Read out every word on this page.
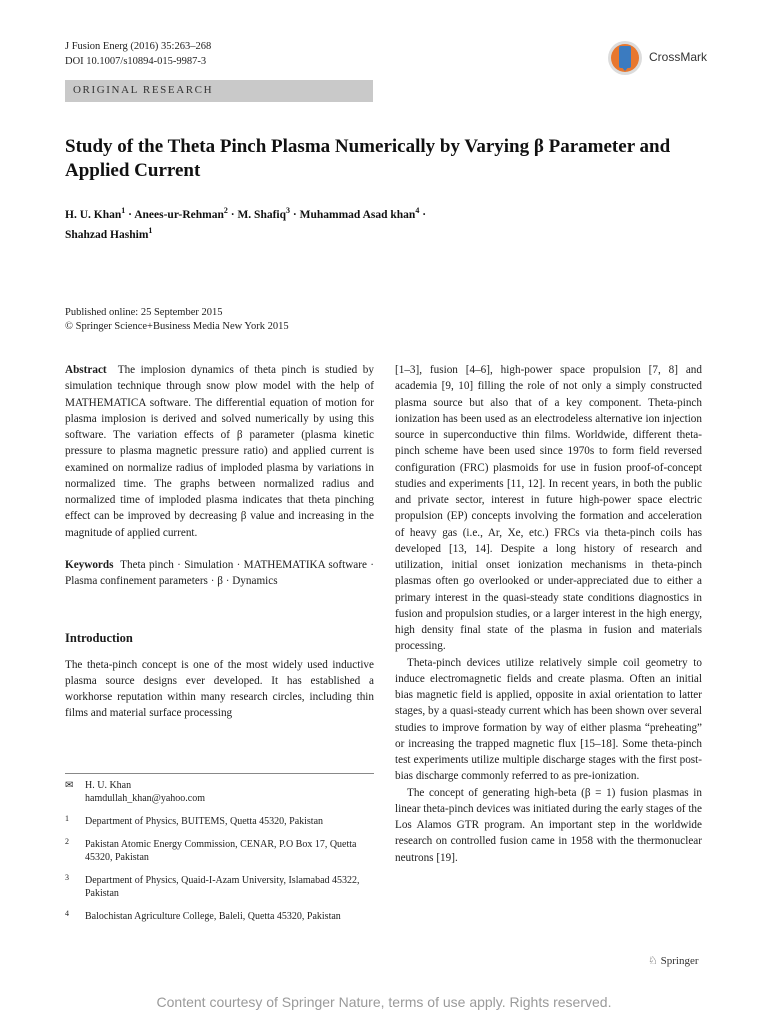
J Fusion Energ (2016) 35:263–268
DOI 10.1007/s10894-015-9987-3	CrossMark
ORIGINAL RESEARCH
Study of the Theta Pinch Plasma Numerically by Varying β Parameter and Applied Current
H. U. Khan$^1$ · Anees-ur-Rehman$^2$ · M. Shafiq$^3$ · Muhammad Asad khan$^4$ ·
Shahzad Hashim$^1$
Published online: 25 September 2015
© Springer Science+Business Media New York 2015
Abstract The implosion dynamics of theta pinch is studied by simulation technique through snow plow model with the help of MATHEMATICA software. The differential equation of motion for plasma implosion is derived and solved numerically by using this software. The variation effects of β parameter (plasma kinetic pressure to plasma magnetic pressure ratio) and applied current is examined on normalize radius of imploded plasma by variations in normalized time. The graphs between normalized radius and normalized time of imploded plasma indicates that theta pinching effect can be improved by decreasing β value and increasing in the magnitude of applied current.
Keywords Theta pinch · Simulation · MATHEMATIKA software · Plasma confinement parameters · β · Dynamics
Introduction
The theta-pinch concept is one of the most widely used inductive plasma source designs ever developed. It has established a workhorse reputation within many research circles, including thin films and material surface processing
✉ H. U. Khan
hamdullah_khan@yahoo.com
1 Department of Physics, BUITEMS, Quetta 45320, Pakistan
2 Pakistan Atomic Energy Commission, CENAR, P.O Box 17, Quetta 45320, Pakistan
3 Department of Physics, Quaid-I-Azam University, Islamabad 45322, Pakistan
4 Balochistan Agriculture College, Baleli, Quetta 45320, Pakistan
[1–3], fusion [4–6], high-power space propulsion [7, 8] and academia [9, 10] filling the role of not only a simply constructed plasma source but also that of a key component. Theta-pinch ionization has been used as an electrodeless alternative ion injection source in superconductive thin films. Worldwide, different theta-pinch scheme have been used since 1970s to form field reversed configuration (FRC) plasmoids for use in fusion proof-of-concept studies and experiments [11, 12]. In recent years, in both the public and private sector, interest in future high-power space electric propulsion (EP) concepts involving the formation and acceleration of heavy gas (i.e., Ar, Xe, etc.) FRCs via theta-pinch coils has developed [13, 14]. Despite a long history of research and utilization, initial onset ionization mechanisms in theta-pinch plasmas often go overlooked or under-appreciated due to either a primary interest in the quasi-steady state conditions diagnostics in fusion and propulsion studies, or a larger interest in the high energy, high density final state of the plasma in fusion and materials processing.
Theta-pinch devices utilize relatively simple coil geometry to induce electromagnetic fields and create plasma. Often an initial bias magnetic field is applied, opposite in axial orientation to latter stages, by a quasi-steady current which has been shown over several studies to improve formation by way of either plasma “preheating” or increasing the trapped magnetic flux [15–18]. Some theta-pinch test experiments utilize multiple discharge stages with the first post-bias discharge commonly referred to as pre-ionization.
The concept of generating high-beta (β = 1) fusion plasmas in linear theta-pinch devices was initiated during the early stages of the Los Alamos GTR program. An important step in the worldwide research on controlled fusion came in 1958 with the thermonuclear neutrons [19].
♘ Springer
Content courtesy of Springer Nature, terms of use apply. Rights reserved.
